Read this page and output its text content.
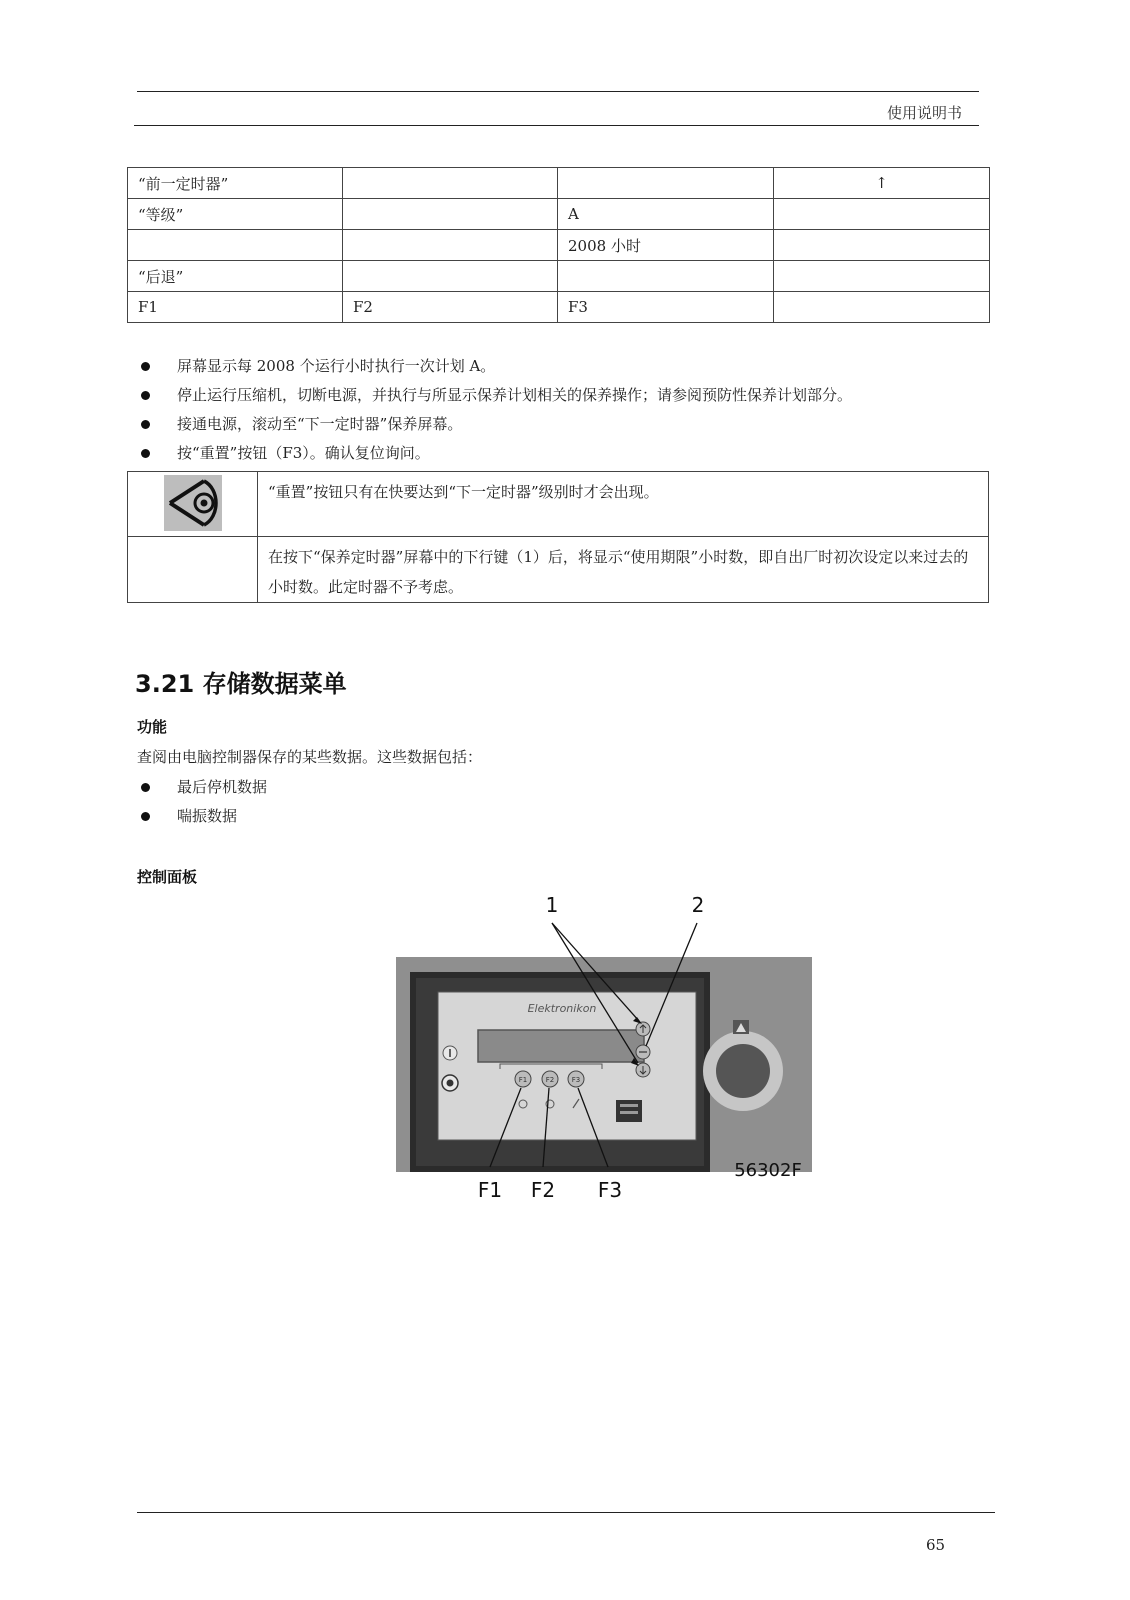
使用说明书
“前一定时器”			↑
“等级”		A	
		2008 小时	
“后退”			
F1	F2	F3	
屏幕显示每 2008 个运行小时执行一次计划 A。
停止运行压缩机，切断电源，并执行与所显示保养计划相关的保养操作；请参阅预防性保养计划部分。
接通电源，滚动至“下一定时器”保养屏幕。
按“重置”按钮（F3）。确认复位询问。
	“重置”按钮只有在快要达到“下一定时器”级别时才会出现。
	在按下“保养定时器”屏幕中的下行键（1）后，将显示“使用期限”小时数，即自出厂时初次设定以来过去的小时数。此定时器不予考虑。
3.21 存储数据菜单
功能
查阅由电脑控制器保存的某些数据。这些数据包括：
最后停机数据
喘振数据
控制面板
F1	F2	F3
1	2
Elektronikon
F1 F2 F3
56302F
65
